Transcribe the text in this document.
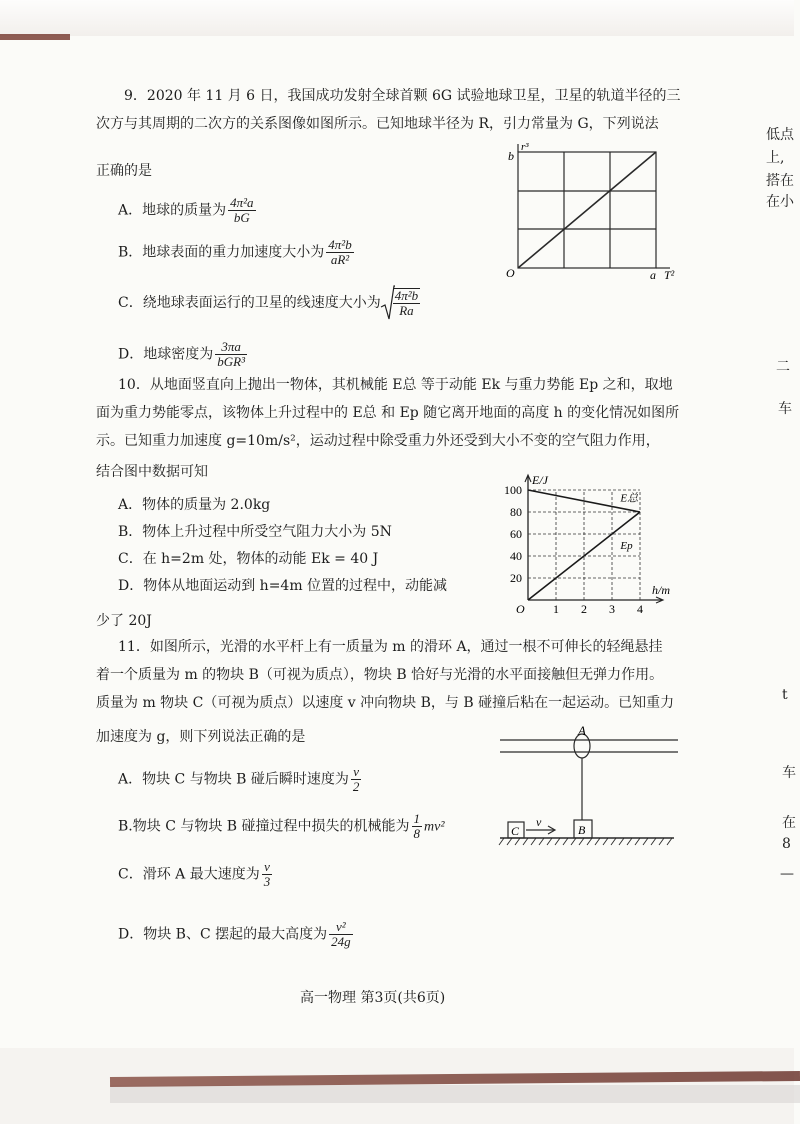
9．2020 年 11 月 6 日，我国成功发射全球首颗 6G 试验地球卫星，卫星的轨道半径的三
次方与其周期的二次方的关系图像如图所示。已知地球半径为 R，引力常量为 G，下列说法
正确的是
A．地球的质量为 $\frac{\text{4π²a}}{bG}$
B．地球表面的重力加速度大小为 $\frac{\text{4π²b}}{\text{aR²}}$
C．绕地球表面运行的卫星的线速度大小为 $\frac{\text{4π²b}}{Ra}$
D．地球密度为 $\frac{3\pi a}{\text{bGR³}}$
b
r³
O	a T²
10．从地面竖直向上抛出一物体，其机械能 E总 等于动能 Ek 与重力势能 Ep 之和，取地
面为重力势能零点，该物体上升过程中的 E总 和 Ep 随它离开地面的高度 h 的变化情况如图所
示。已知重力加速度 g=10m/s²，运动过程中除受重力外还受到大小不变的空气阻力作用，
结合图中数据可知
A．物体的质量为 2.0kg
B．物体上升过程中所受空气阻力大小为 5N
C．在 h=2m 处，物体的动能 Ek = 40 J
D．物体从地面运动到 h=4m 位置的过程中，动能减
少了 20J
1 2 3 4
20
40
60
80
100
E总
Ep
E/J
h/m
O
11．如图所示，光滑的水平杆上有一质量为 m 的滑环 A，通过一根不可伸长的轻绳悬挂
着一个质量为 m 的物块 B（可视为质点），物块 B 恰好与光滑的水平面接触但无弹力作用。
质量为 m 物块 C（可视为质点）以速度 v 冲向物块 B，与 B 碰撞后粘在一起运动。已知重力
加速度为 g，则下列说法正确的是
A．物块 C 与物块 B 碰后瞬时速度为 $\frac{v}{2}$
B.物块 C 与物块 B 碰撞过程中损失的机械能为 $\frac{1}{8} mv^2$
C．滑环 A 最大速度为 $\frac{v}{3}$
D．物块 B、C 摆起的最大高度为 $\frac{\text{v²}}{24g}$
A
B
C
v
低点
上,
搭在
在小
二
车
t
车
在
8
—
高一物理 第3页(共6页)
